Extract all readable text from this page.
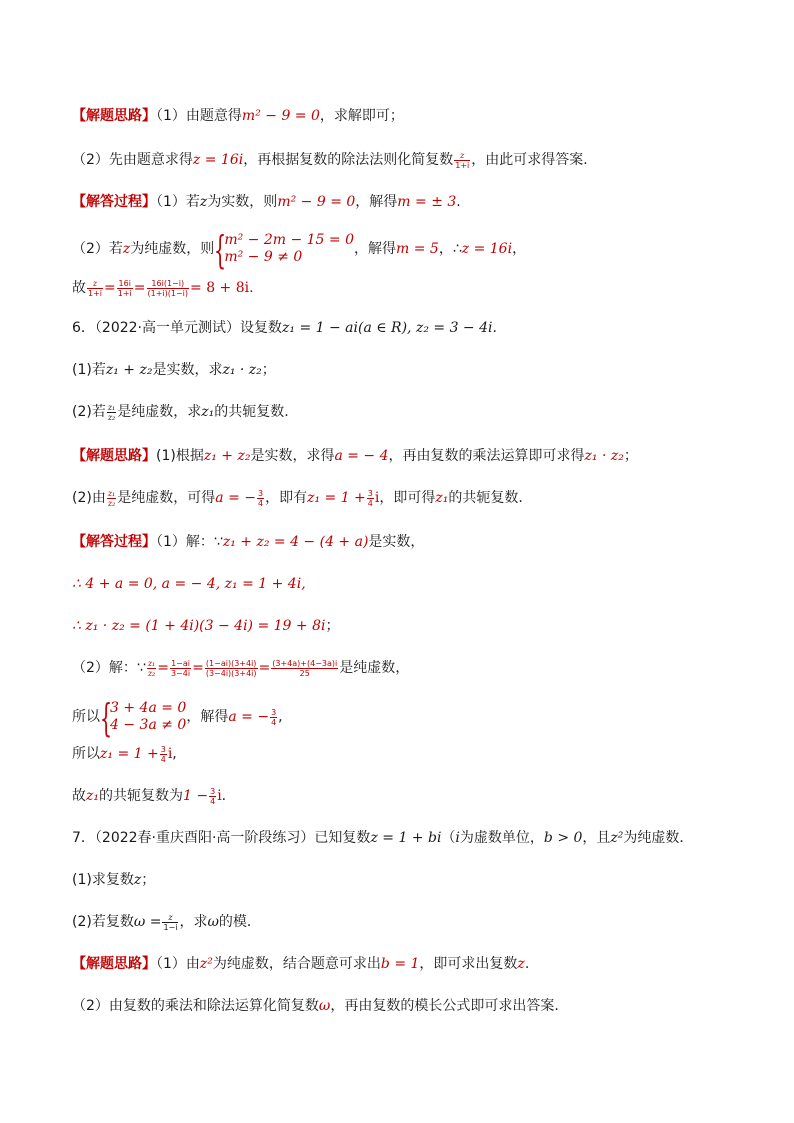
【解题思路】（1）由题意得m² − 9 = 0，求解即可；
（2）先由题意求得z = 16i，再根据复数的除法法则化简复数 $\frac{z}{1+i}$ ，由此可求得答案.
【解答过程】（1）若z为实数，则m² − 9 = 0，解得m = ± 3.
（2）若z为纯虚数，则 {
m² − 2m − 15 = 0
m² − 9 ≠ 0	，解得m = 5，∴z = 16i，
故 $\frac{z}{1+i} = \frac{16i}{1+i} = \frac{16i(1-i)}{(1+i)(1-i)} = 8 + 8i$.
6．（2022·高一单元测试）设复数z₁ = 1 − ai(a ∈ R), z₂ = 3 − 4i.
(1)若z₁ + z₂是实数，求z₁ · z₂；
(2)若 $\frac{\text{z₁}}{\text{z₂}}$ 是纯虚数，求z₁的共轭复数.
【解题思路】(1)根据z₁ + z₂是实数，求得a = − 4，再由复数的乘法运算即可求得z₁ · z₂；
(2)由 $\frac{\text{z₁}}{\text{z₂}}$ 是纯虚数，可得a = − $\frac{3}{4}$ ，即有$z_1 = 1 + \frac{3}{4}$ i，即可得z₁的共轭复数.
【解答过程】（1）解：∵z₁ + z₂ = 4 − (4 + a)是实数，
∴ 4 + a = 0, a = − 4, z₁ = 1 + 4i,
∴ z₁ · z₂ = (1 + 4i)(3 − 4i) = 19 + 8i；
（2）解：∵ $\frac{\text{z₁}}{\text{z₂}} = \frac{1-ai}{3-4i} = \frac{(1-ai)(3+4i)}{(3-4i)(3+4i)} = \frac{(3+4a)+(4-3a)i}{25}$ 是纯虚数，
所以 {
3 + 4a = 0
4 − 3a ≠ 0 ，解得a = − $\frac{3}{4}$ ,
所以$z_1 = 1 + \frac{3}{4} i$,
故z₁的共轭复数为$1 - \frac{3}{4} i$.
7．（2022春·重庆酉阳·高一阶段练习）已知复数z = 1 + bi（i为虚数单位，b > 0，且z²为纯虚数．
(1)求复数z；
(2)若复数$\omega = \frac{z}{1-i}$ ，求ω的模．
【解题思路】（1）由z²为纯虚数，结合题意可求出b = 1，即可求出复数z.
（2）由复数的乘法和除法运算化简复数ω，再由复数的模长公式即可求出答案.
